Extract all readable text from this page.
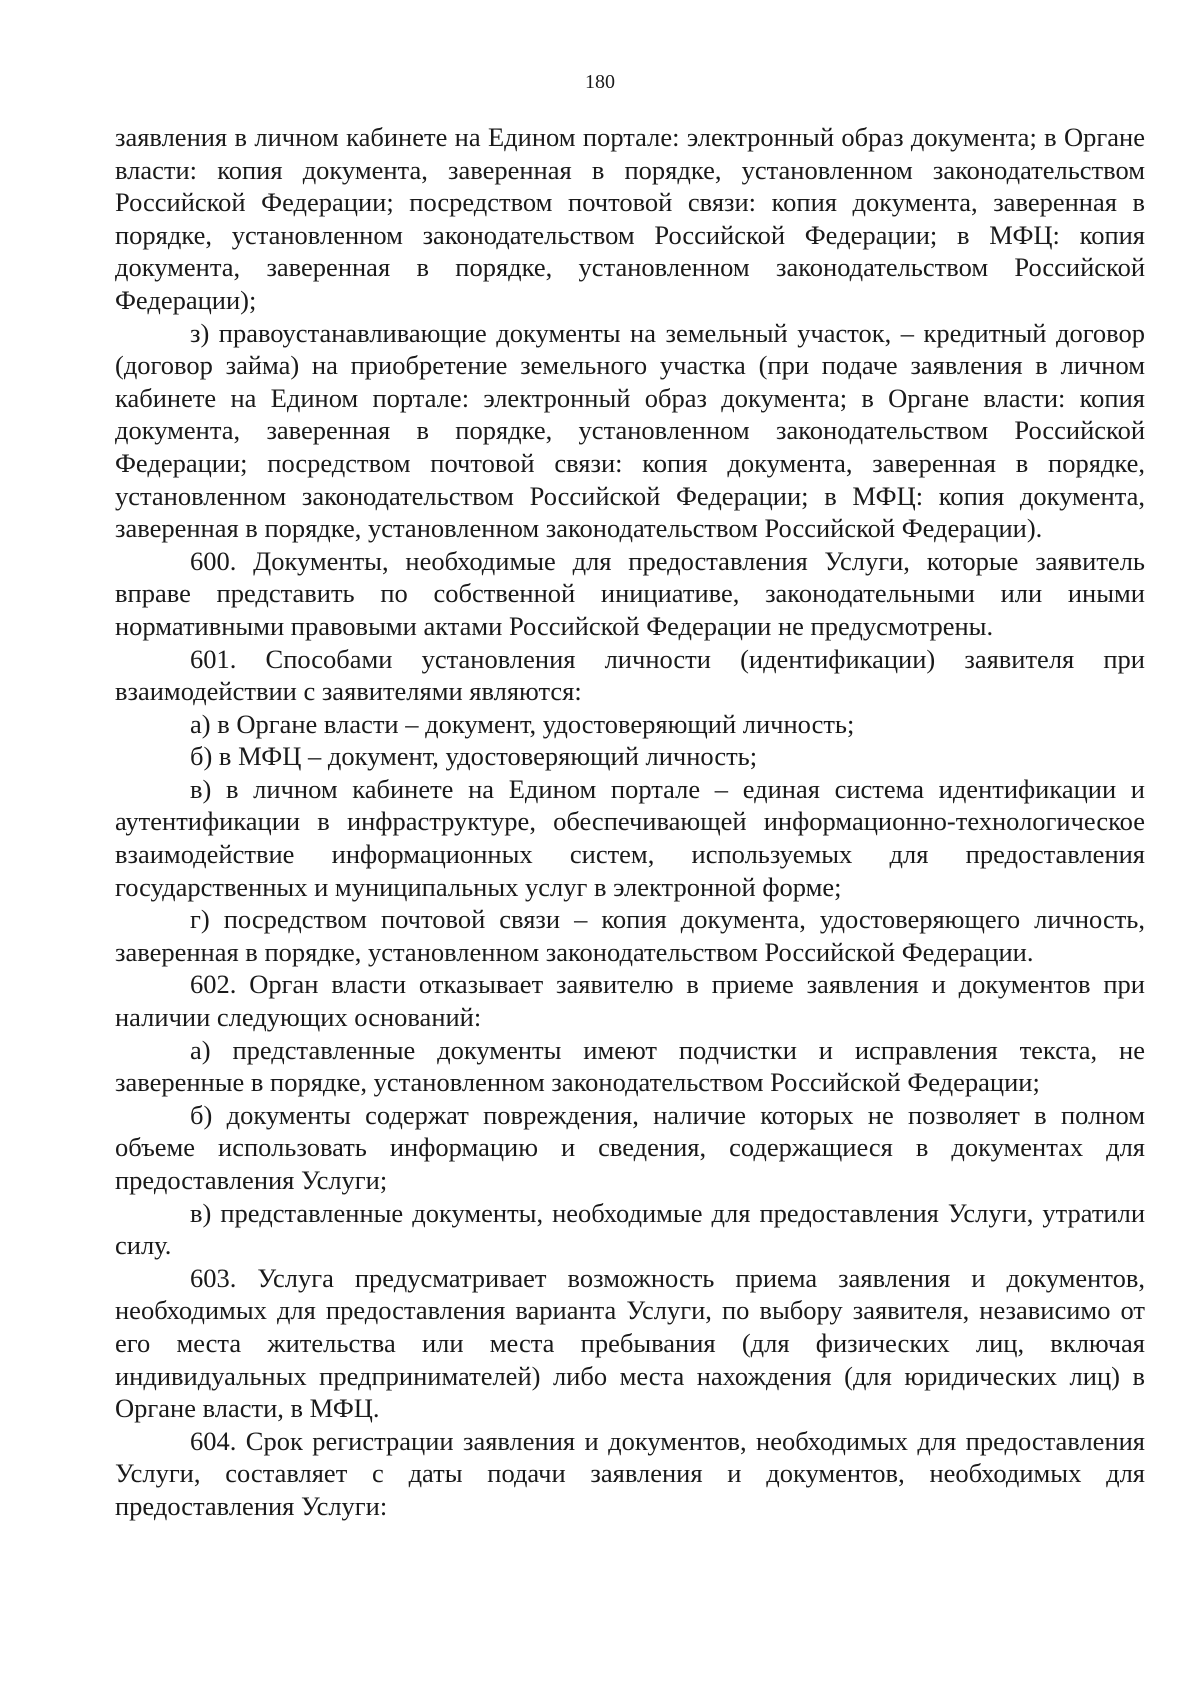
180

заявления в личном кабинете на Едином портале: электронный образ документа; в Органе власти: копия документа, заверенная в порядке, установленном законодательством Российской Федерации; посредством почтовой связи: копия документа, заверенная в порядке, установленном законодательством Российской Федерации; в МФЦ: копия документа, заверенная в порядке, установленном законодательством Российской Федерации);

з) правоустанавливающие документы на земельный участок, – кредитный договор (договор займа) на приобретение земельного участка (при подаче заявления в личном кабинете на Едином портале: электронный образ документа; в Органе власти: копия документа, заверенная в порядке, установленном законодательством Российской Федерации; посредством почтовой связи: копия документа, заверенная в порядке, установленном законодательством Российской Федерации; в МФЦ: копия документа, заверенная в порядке, установленном законодательством Российской Федерации).

600. Документы, необходимые для предоставления Услуги, которые заявитель вправе представить по собственной инициативе, законодательными или иными нормативными правовыми актами Российской Федерации не предусмотрены.

601. Способами установления личности (идентификации) заявителя при взаимодействии с заявителями являются:

а) в Органе власти – документ, удостоверяющий личность;

б) в МФЦ – документ, удостоверяющий личность;

в) в личном кабинете на Едином портале – единая система идентификации и аутентификации в инфраструктуре, обеспечивающей информационно-технологическое взаимодействие информационных систем, используемых для предоставления государственных и муниципальных услуг в электронной форме;

г) посредством почтовой связи – копия документа, удостоверяющего личность, заверенная в порядке, установленном законодательством Российской Федерации.

602. Орган власти отказывает заявителю в приеме заявления и документов при наличии следующих оснований:

а) представленные документы имеют подчистки и исправления текста, не заверенные в порядке, установленном законодательством Российской Федерации;

б) документы содержат повреждения, наличие которых не позволяет в полном объеме использовать информацию и сведения, содержащиеся в документах для предоставления Услуги;

в) представленные документы, необходимые для предоставления Услуги, утратили силу.

603. Услуга предусматривает возможность приема заявления и документов, необходимых для предоставления варианта Услуги, по выбору заявителя, независимо от его места жительства или места пребывания (для физических лиц, включая индивидуальных предпринимателей) либо места нахождения (для юридических лиц) в Органе власти, в МФЦ.

604. Срок регистрации заявления и документов, необходимых для предоставления Услуги, составляет с даты подачи заявления и документов, необходимых для предоставления Услуги:
